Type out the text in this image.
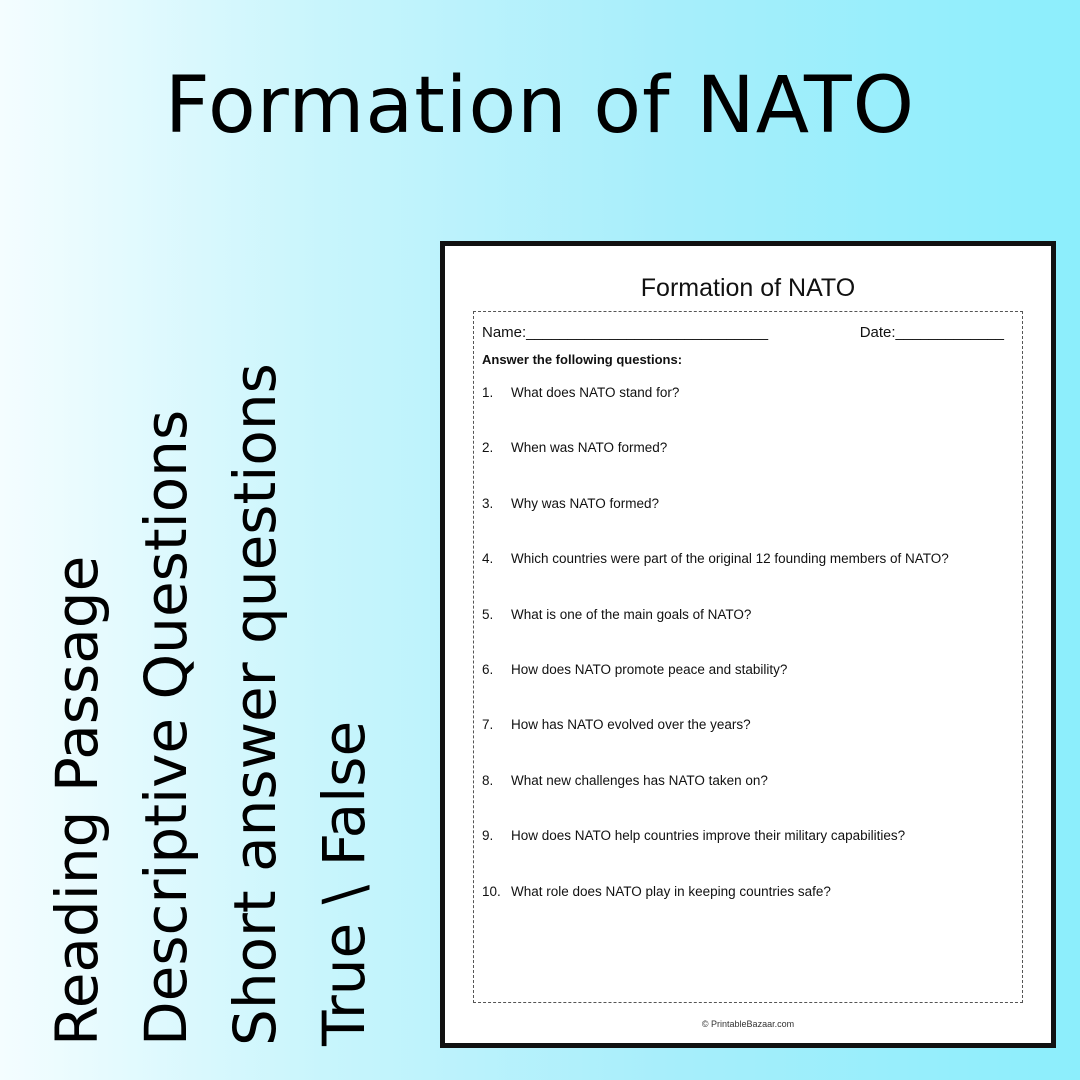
Formation of NATO
Reading Passage Descriptive Questions Short answer questions True \ False
Formation of NATO
Name:_____________________________	Date:_____________
Answer the following questions:
1. What does NATO stand for?
2. When was NATO formed?
3. Why was NATO formed?
4. Which countries were part of the original 12 founding members of NATO?
5. What is one of the main goals of NATO?
6. How does NATO promote peace and stability?
7. How has NATO evolved over the years?
8. What new challenges has NATO taken on?
9. How does NATO help countries improve their military capabilities?
10. What role does NATO play in keeping countries safe?
© PrintableBazaar.com
